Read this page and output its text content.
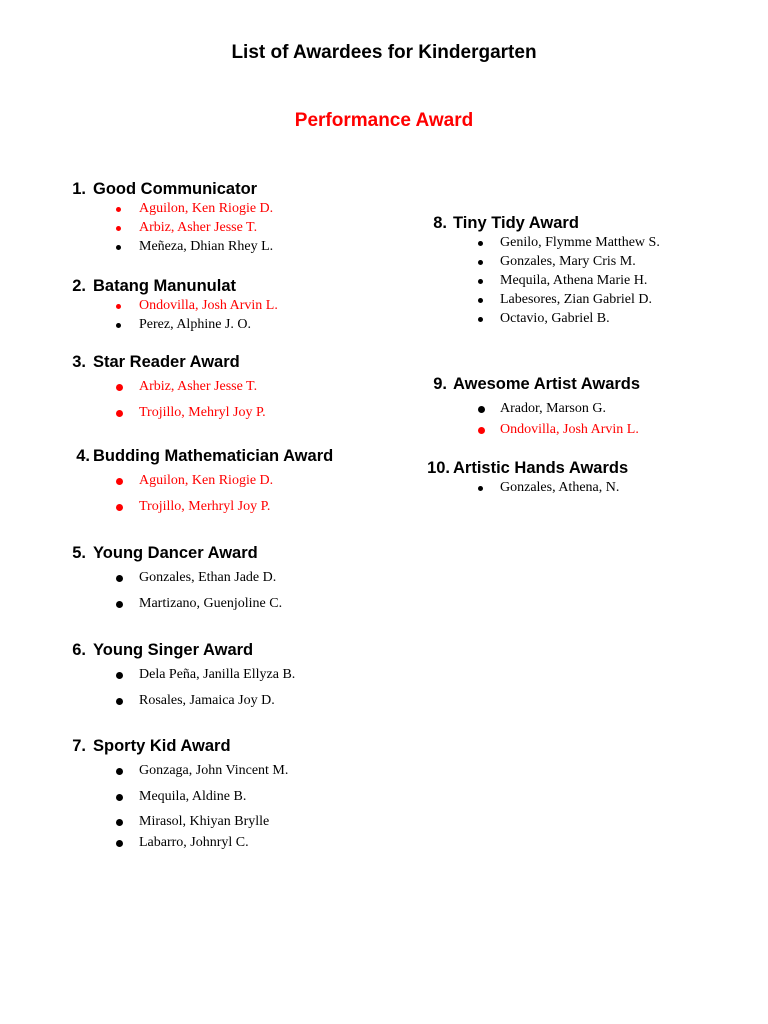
List of Awardees for Kindergarten
Performance Award
1. Good Communicator
Aguilon, Ken Riogie D.
Arbiz, Asher Jesse T.
Meñeza, Dhian Rhey L.
2. Batang Manunulat
Ondovilla, Josh Arvin L.
Perez, Alphine J. O.
3. Star Reader Award
Arbiz, Asher Jesse T.
Trojillo, Mehryl Joy P.
4. Budding Mathematician Award
Aguilon, Ken Riogie D.
Trojillo, Merhryl Joy P.
5. Young Dancer Award
Gonzales, Ethan Jade D.
Martizano, Guenjoline C.
6. Young Singer Award
Dela Peña, Janilla Ellyza B.
Rosales, Jamaica Joy D.
7. Sporty Kid Award
Gonzaga, John Vincent M.
Mequila, Aldine B.
Mirasol, Khiyan Brylle
Labarro, Johnryl C.
8. Tiny Tidy Award
Genilo, Flymme Matthew S.
Gonzales, Mary Cris M.
Mequila, Athena Marie H.
Labesores, Zian Gabriel D.
Octavio, Gabriel B.
9. Awesome Artist Awards
Arador, Marson G.
Ondovilla, Josh Arvin L.
10. Artistic Hands Awards
Gonzales, Athena, N.
